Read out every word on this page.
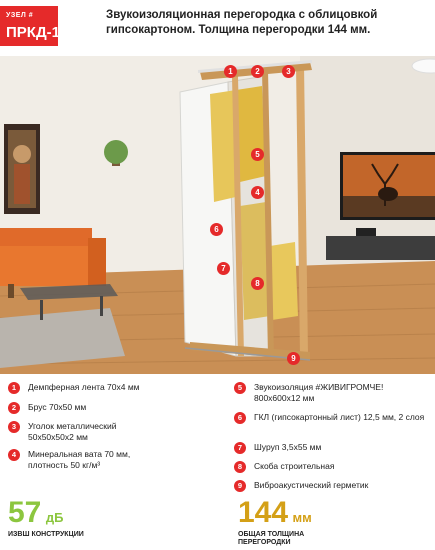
УЗЕЛ #
ПРКД-1
Звукоизоляционная перегородка с облицовкой гипсокартоном. Толщина перегородки 144 мм.
1	2	3
5
4
6
7
8
9
1	Демпферная лента 70х4 мм
2	Брус 70х50 мм
3	Уголок металлический 50х50х50х2 мм
4	Минеральная вата 70 мм, плотность 50 кг/м³
5	Звукоизоляция #ЖИВИГРОМЧЕ! 800х600х12 мм
6	ГКЛ (гипсокартонный лист) 12,5 мм, 2 слоя
7	Шуруп 3,5х55 мм
8	Скоба строительная
9	Виброакустический герметик
57 дБ
ИЗВШ КОНСТРУКЦИИ
144 мм
ОБЩАЯ ТОЛЩИНА
ПЕРЕГОРОДКИ
